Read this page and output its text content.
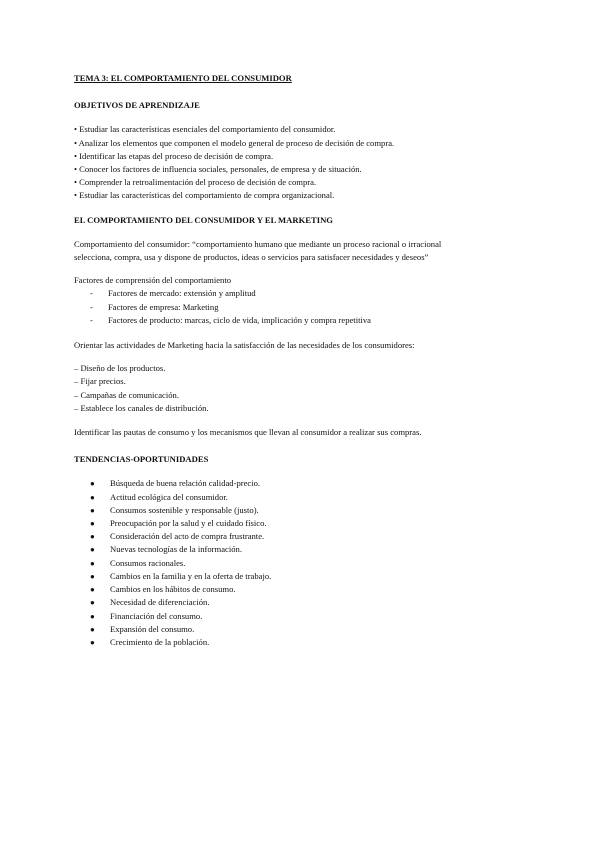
TEMA 3: EL COMPORTAMIENTO DEL CONSUMIDOR

OBJETIVOS DE APRENDIZAJE

• Estudiar las características esenciales del comportamiento del consumidor.
• Analizar los elementos que componen el modelo general de proceso de decisión de compra.
• Identificar las etapas del proceso de decisión de compra.
• Conocer los factores de influencia sociales, personales, de empresa y de situación.
• Comprender la retroalimentación del proceso de decisión de compra.
• Estudiar las características del comportamiento de compra organizacional.

EL COMPORTAMIENTO DEL CONSUMIDOR Y EL MARKETING

Comportamiento del consumidor: “comportamiento humano que mediante un proceso racional o irracional
selecciona, compra, usa y dispone de productos, ideas o servicios para satisfacer necesidades y deseos”

Factores de comprensión del comportamiento

- Factores de mercado: extensión y amplitud
- Factores de empresa: Marketing
- Factores de producto: marcas, ciclo de vida, implicación y compra repetitiva

Orientar las actividades de Marketing hacia la satisfacción de las necesidades de los consumidores:

– Diseño de los productos.
– Fijar precios.
– Campañas de comunicación.
– Establece los canales de distribución.

Identificar las pautas de consumo y los mecanismos que llevan al consumidor a realizar sus compras.

TENDENCIAS-OPORTUNIDADES

● Búsqueda de buena relación calidad-precio.
● Actitud ecológica del consumidor.
● Consumos sostenible y responsable (justo).
● Preocupación por la salud y el cuidado físico.
● Consideración del acto de compra frustrante.
● Nuevas tecnologías de la información.
● Consumos racionales.
● Cambios en la familia y en la oferta de trabajo.
● Cambios en los hábitos de consumo.
● Necesidad de diferenciación.
● Financiación del consumo.
● Expansión del consumo.
● Crecimiento de la población.
